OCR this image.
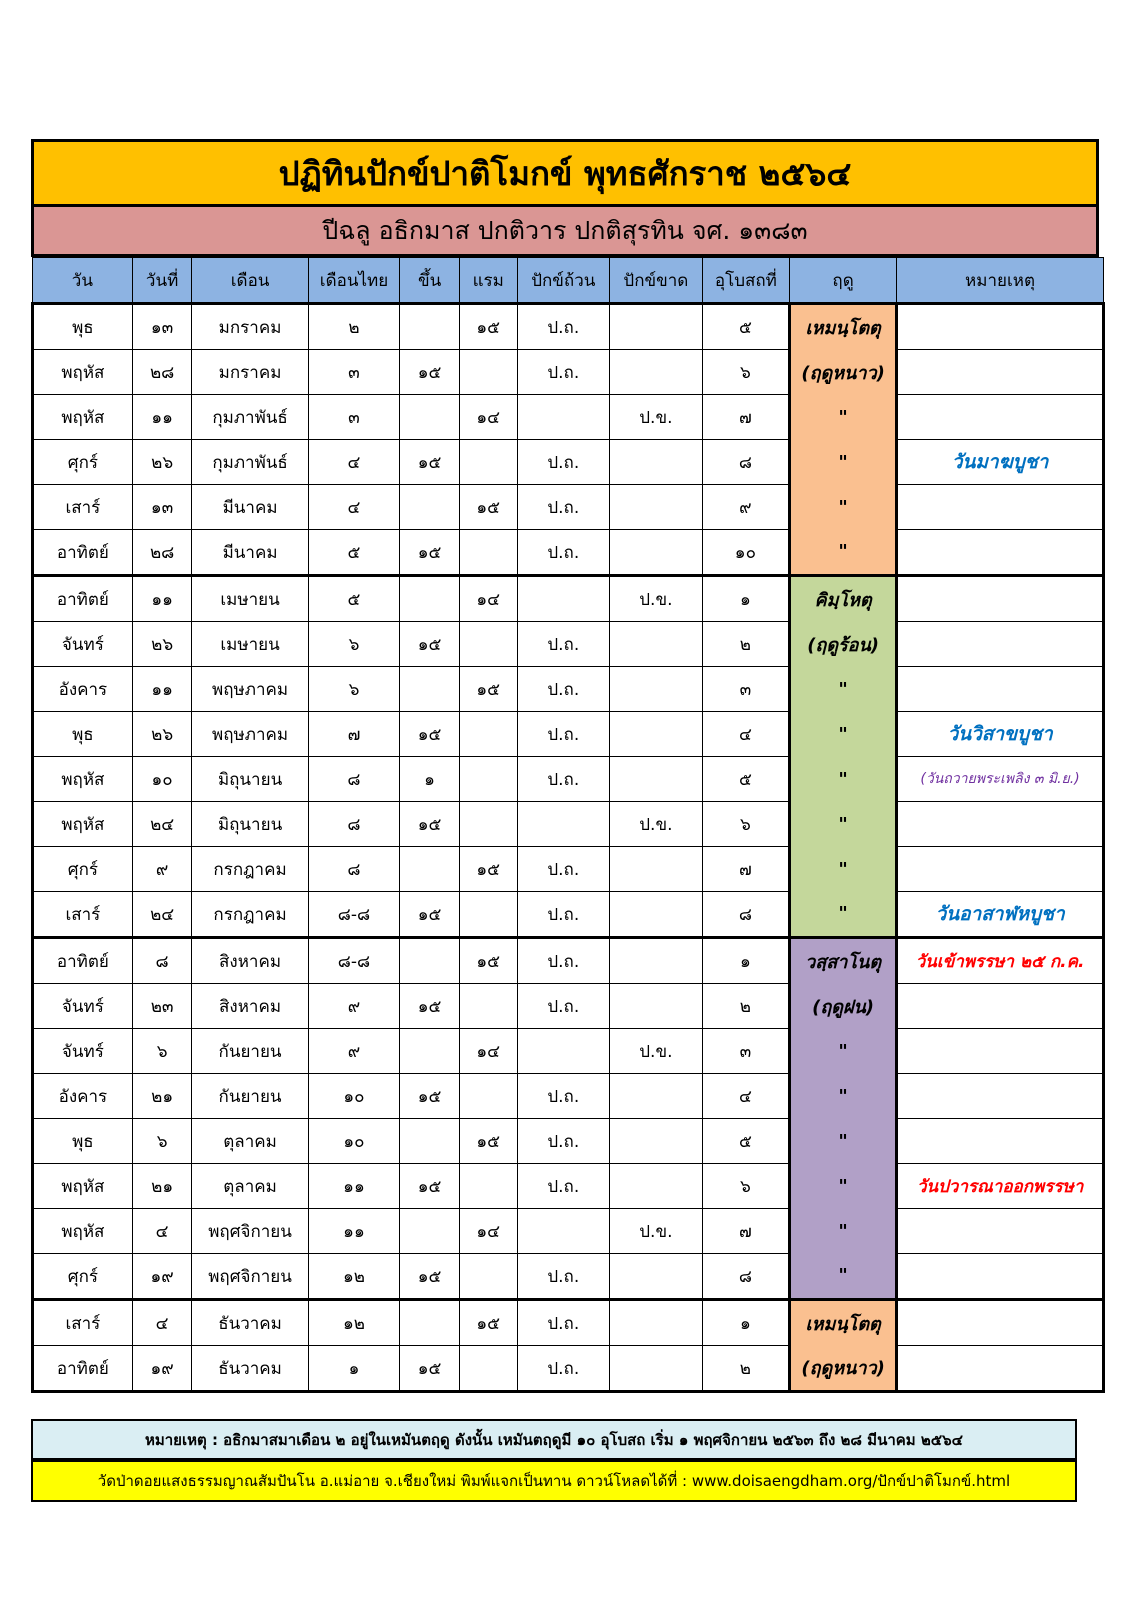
ปฏิทินปักข์ปาติโมกข์ พุทธศักราช ๒๕๖๔
ปีฉลู อธิกมาส ปกติวาร ปกติสุรทิน จศ. ๑๓๘๓
วัน	วันที่	เดือน	เดือนไทย	ขึ้น	แรม	ปักข์ถ้วน	ปักข์ขาด	อุโบสถที่	ฤดู	หมายเหตุ
พุธ	๑๓	มกราคม	๒		๑๕	ป.ถ.		๕	เหมนฺโตตุ	
พฤหัส	๒๘	มกราคม	๓	๑๕		ป.ถ.		๖	(ฤดูหนาว)	
พฤหัส	๑๑	กุมภาพันธ์	๓		๑๔		ป.ข.	๗	"	
ศุกร์	๒๖	กุมภาพันธ์	๔	๑๕		ป.ถ.		๘	"	วันมาฆบูชา
เสาร์	๑๓	มีนาคม	๔		๑๕	ป.ถ.		๙	"	
อาทิตย์	๒๘	มีนาคม	๕	๑๕		ป.ถ.		๑๐	"	
อาทิตย์	๑๑	เมษายน	๕		๑๔		ป.ข.	๑	คิมฺโหตุ	
จันทร์	๒๖	เมษายน	๖	๑๕		ป.ถ.		๒	(ฤดูร้อน)	
อังคาร	๑๑	พฤษภาคม	๖		๑๕	ป.ถ.		๓	"	
พุธ	๒๖	พฤษภาคม	๗	๑๕		ป.ถ.		๔	"	วันวิสาขบูชา
พฤหัส	๑๐	มิถุนายน	๘	๑		ป.ถ.		๕	"	(วันถวายพระเพลิง ๓ มิ.ย.)
พฤหัส	๒๔	มิถุนายน	๘	๑๕			ป.ข.	๖	"	
ศุกร์	๙	กรกฎาคม	๘		๑๕	ป.ถ.		๗	"	
เสาร์	๒๔	กรกฎาคม	๘-๘	๑๕		ป.ถ.		๘	"	วันอาสาฬหบูชา
อาทิตย์	๘	สิงหาคม	๘-๘		๑๕	ป.ถ.		๑	วสฺสาโนตุ	วันเข้าพรรษา ๒๕ ก.ค.
จันทร์	๒๓	สิงหาคม	๙	๑๕		ป.ถ.		๒	(ฤดูฝน)	
จันทร์	๖	กันยายน	๙		๑๔		ป.ข.	๓	"	
อังคาร	๒๑	กันยายน	๑๐	๑๕		ป.ถ.		๔	"	
พุธ	๖	ตุลาคม	๑๐		๑๕	ป.ถ.		๕	"	
พฤหัส	๒๑	ตุลาคม	๑๑	๑๕		ป.ถ.		๖	"	วันปวารณาออกพรรษา
พฤหัส	๔	พฤศจิกายน	๑๑		๑๔		ป.ข.	๗	"	
ศุกร์	๑๙	พฤศจิกายน	๑๒	๑๕		ป.ถ.		๘	"	
เสาร์	๔	ธันวาคม	๑๒		๑๕	ป.ถ.		๑	เหมนฺโตตุ	
อาทิตย์	๑๙	ธันวาคม	๑	๑๕		ป.ถ.		๒	(ฤดูหนาว)	
หมายเหตุ : อธิกมาสมาเดือน ๒ อยู่ในเหมันตฤดู ดังนั้น เหมันตฤดูมี ๑๐ อุโบสถ เริ่ม ๑ พฤศจิกายน ๒๕๖๓ ถึง ๒๘ มีนาคม ๒๕๖๔
วัดป่าดอยแสงธรรมญาณสัมปันโน อ.แม่อาย จ.เชียงใหม่ พิมพ์แจกเป็นทาน ดาวน์โหลดได้ที่ : www.doisaengdham.org/ปักข์ปาติโมกข์.html
